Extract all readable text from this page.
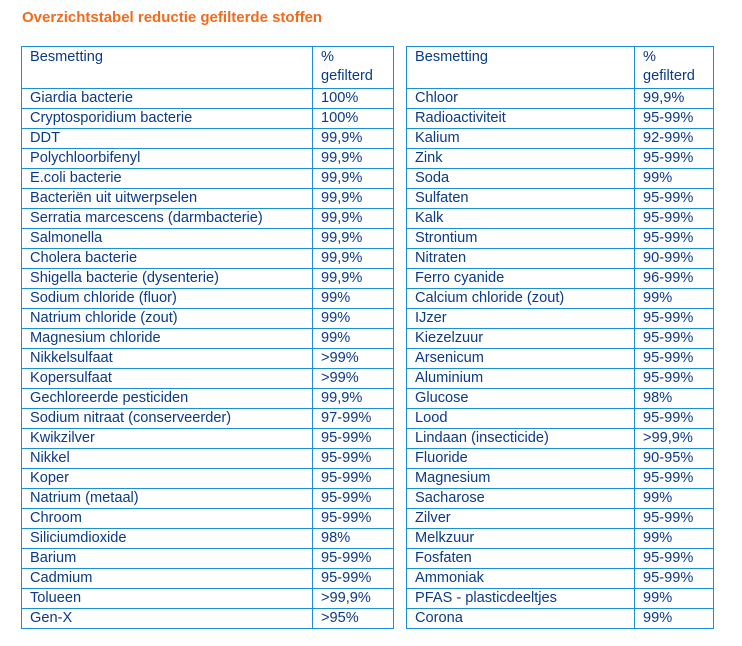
Overzichtstabel reductie gefilterde stoffen
Besmetting	%
gefilterd
Giardia bacterie	100%
Cryptosporidium bacterie	100%
DDT	99,9%
Polychloorbifenyl	99,9%
E.coli bacterie	99,9%
Bacteriën uit uitwerpselen	99,9%
Serratia marcescens (darmbacterie)	99,9%
Salmonella	99,9%
Cholera bacterie	99,9%
Shigella bacterie (dysenterie)	99,9%
Sodium chloride (fluor)	99%
Natrium chloride (zout)	99%
Magnesium chloride	99%
Nikkelsulfaat	>99%
Kopersulfaat	>99%
Gechloreerde pesticiden	99,9%
Sodium nitraat (conserveerder)	97-99%
Kwikzilver	95-99%
Nikkel	95-99%
Koper	95-99%
Natrium (metaal)	95-99%
Chroom	95-99%
Siliciumdioxide	98%
Barium	95-99%
Cadmium	95-99%
Tolueen	>99,9%
Gen-X	>95%
Besmetting	%
gefilterd
Chloor	99,9%
Radioactiviteit	95-99%
Kalium	92-99%
Zink	95-99%
Soda	99%
Sulfaten	95-99%
Kalk	95-99%
Strontium	95-99%
Nitraten	90-99%
Ferro cyanide	96-99%
Calcium chloride (zout)	99%
IJzer	95-99%
Kiezelzuur	95-99%
Arsenicum	95-99%
Aluminium	95-99%
Glucose	98%
Lood	95-99%
Lindaan (insecticide)	>99,9%
Fluoride	90-95%
Magnesium	95-99%
Sacharose	99%
Zilver	95-99%
Melkzuur	99%
Fosfaten	95-99%
Ammoniak	95-99%
PFAS - plasticdeeltjes	99%
Corona	99%
